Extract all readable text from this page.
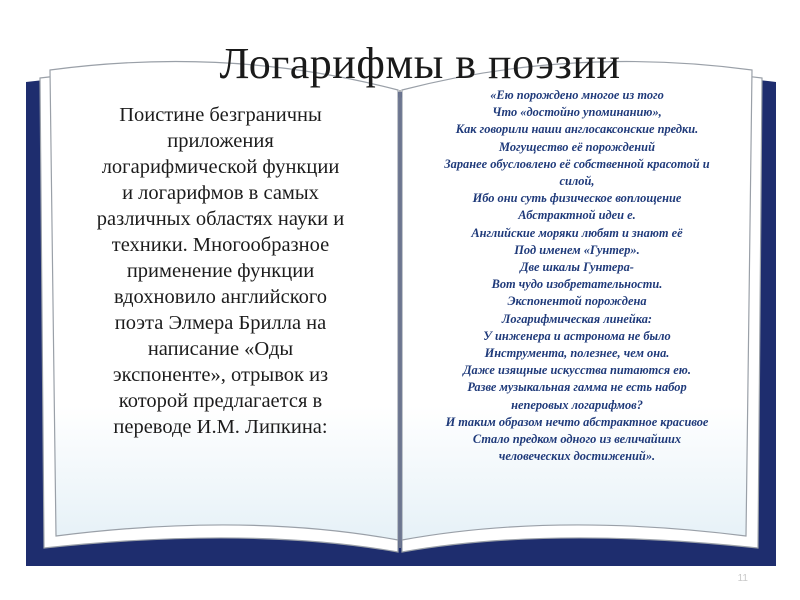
Логарифмы в поэзии
Поистине безграничны
приложения
логарифмической функции
и логарифмов в самых
различных областях науки и
техники. Многообразное
применение функции
вдохновило английского
поэта Элмера Брилла на
написание «Оды
экспоненте», отрывок из
которой предлагается в
переводе И.М. Липкина:
«Ею порождено многое из того
Что «достойно упоминанию»,
Как говорили наши англосаксонские предки.
Могущество её порождений
Заранее обусловлено её собственной красотой и
силой,
Ибо они суть физическое воплощение
Абстрактной идеи е.
Английские моряки любят и знают её
Под именем «Гунтер».
Две шкалы Гунтера-
Вот чудо изобретательности.
Экспонентой порождена
Логарифмическая линейка:
У инженера и астронома не было
Инструмента, полезнее, чем она.
Даже изящные искусства питаются ею.
Разве музыкальная гамма не есть набор
неперовых логарифмов?
И таким образом нечто абстрактное красивое
Стало предком одного из величайших
человеческих достижений».
11
